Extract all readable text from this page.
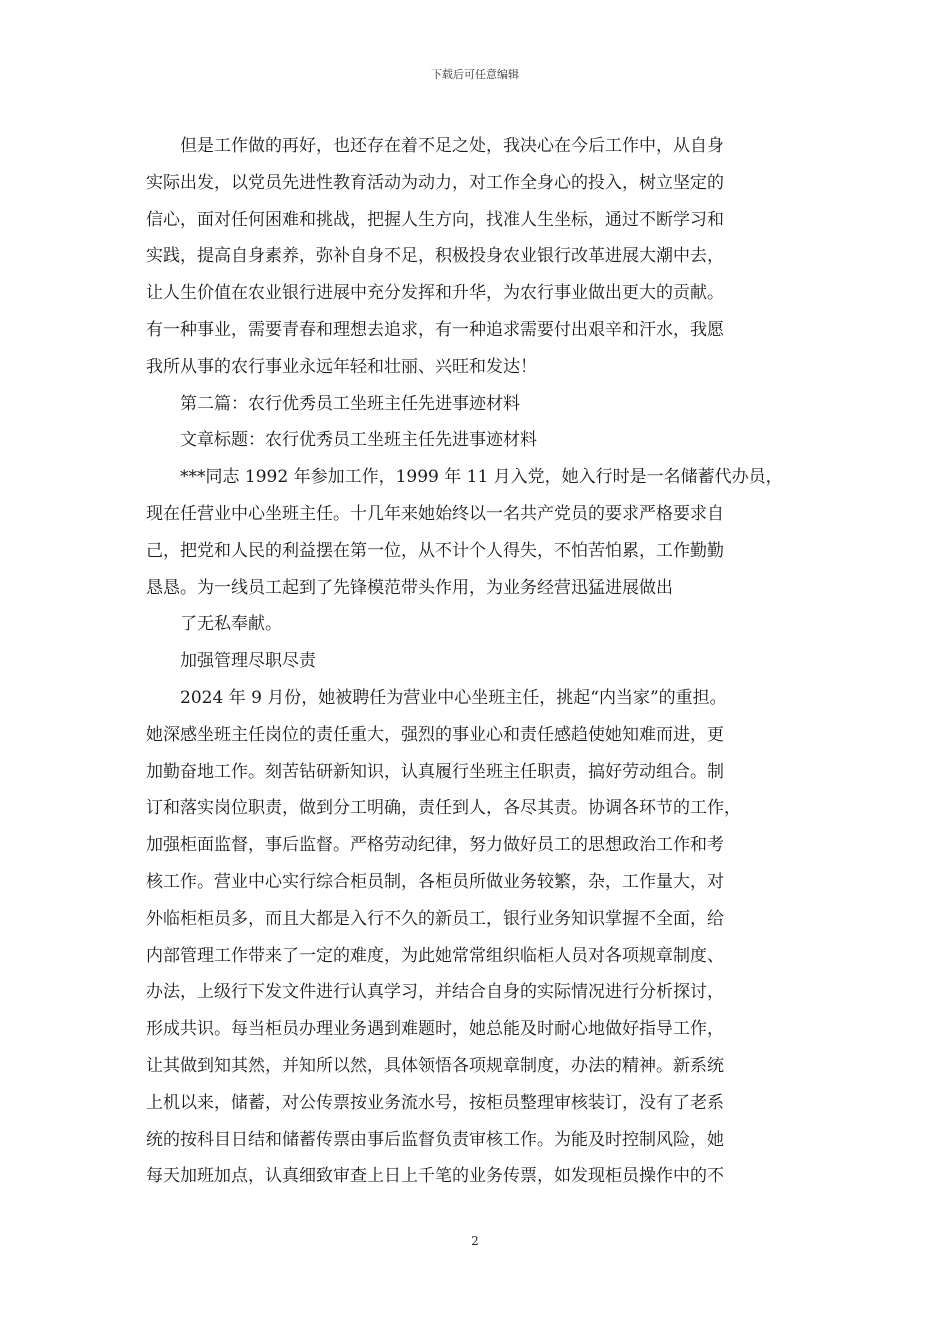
下载后可任意编辑
但是工作做的再好，也还存在着不足之处，我决心在今后工作中，从自身
实际出发，以党员先进性教育活动为动力，对工作全身心的投入，树立坚定的
信心，面对任何困难和挑战，把握人生方向，找准人生坐标，通过不断学习和
实践，提高自身素养，弥补自身不足，积极投身农业银行改革进展大潮中去，
让人生价值在农业银行进展中充分发挥和升华，为农行事业做出更大的贡献。
有一种事业，需要青春和理想去追求，有一种追求需要付出艰辛和汗水，我愿
我所从事的农行事业永远年轻和壮丽、兴旺和发达！
第二篇：农行优秀员工坐班主任先进事迹材料
文章标题：农行优秀员工坐班主任先进事迹材料
***同志 1992 年参加工作，1999 年 11 月入党，她入行时是一名储蓄代办员，
现在任营业中心坐班主任。十几年来她始终以一名共产党员的要求严格要求自
己，把党和人民的利益摆在第一位，从不计个人得失，不怕苦怕累，工作勤勤
恳恳。为一线员工起到了先锋模范带头作用，为业务经营迅猛进展做出
了无私奉献。
加强管理尽职尽责
2024 年 9 月份，她被聘任为营业中心坐班主任，挑起“内当家”的重担。
她深感坐班主任岗位的责任重大，强烈的事业心和责任感趋使她知难而进，更
加勤奋地工作。刻苦钻研新知识，认真履行坐班主任职责，搞好劳动组合。制
订和落实岗位职责，做到分工明确，责任到人，各尽其责。协调各环节的工作，
加强柜面监督，事后监督。严格劳动纪律，努力做好员工的思想政治工作和考
核工作。营业中心实行综合柜员制，各柜员所做业务较繁，杂，工作量大，对
外临柜柜员多，而且大都是入行不久的新员工，银行业务知识掌握不全面，给
内部管理工作带来了一定的难度，为此她常常组织临柜人员对各项规章制度、
办法，上级行下发文件进行认真学习，并结合自身的实际情况进行分析探讨，
形成共识。每当柜员办理业务遇到难题时，她总能及时耐心地做好指导工作，
让其做到知其然，并知所以然，具体领悟各项规章制度，办法的精神。新系统
上机以来，储蓄，对公传票按业务流水号，按柜员整理审核装订，没有了老系
统的按科目日结和储蓄传票由事后监督负责审核工作。为能及时控制风险，她
每天加班加点，认真细致审查上日上千笔的业务传票，如发现柜员操作中的不
2
